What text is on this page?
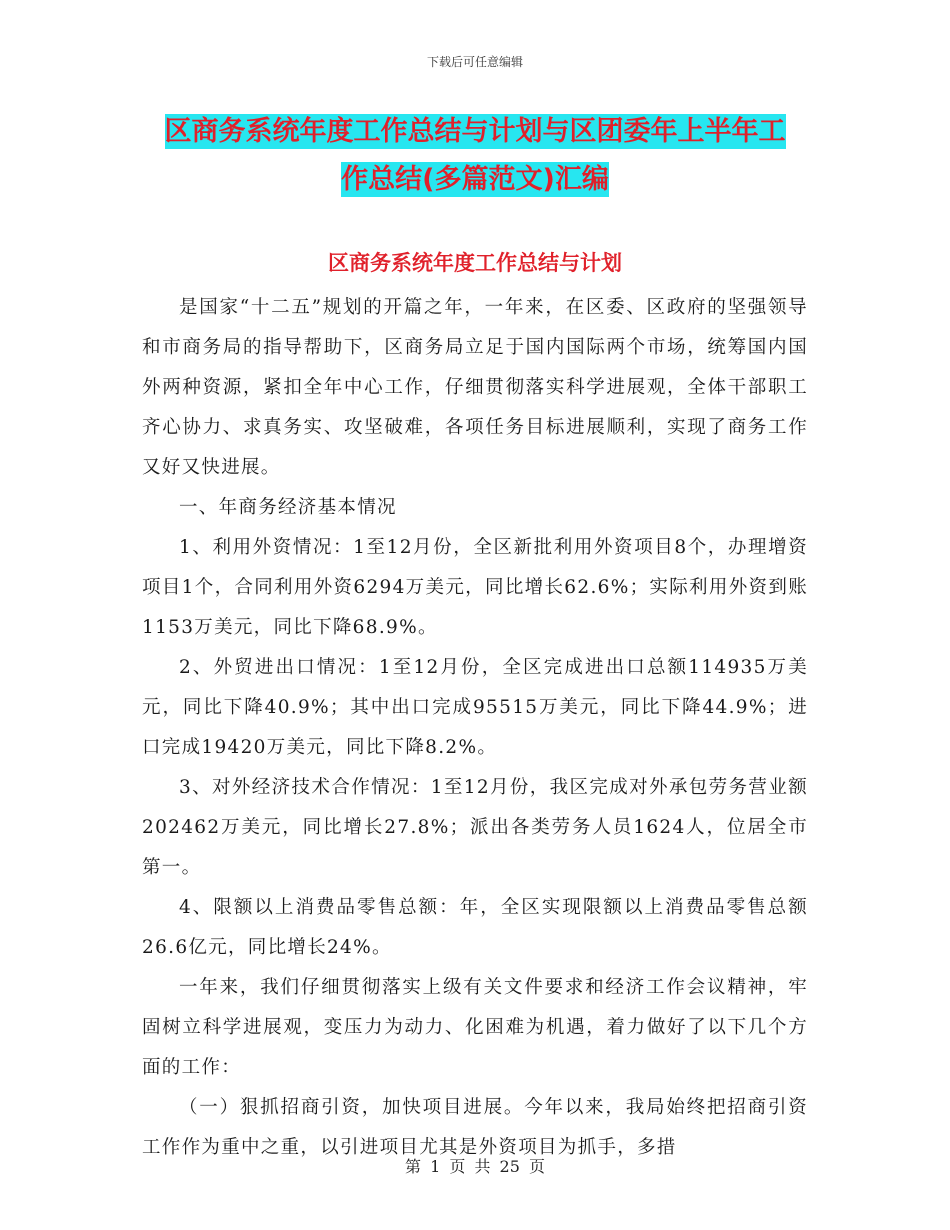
下载后可任意编辑
区商务系统年度工作总结与计划与区团委年上半年工
作总结(多篇范文)汇编
区商务系统年度工作总结与计划

是国家“十二五”规划的开篇之年，一年来，在区委、区政府的坚强领导和市商务局的指导帮助下，区商务局立足于国内国际两个市场，统筹国内国外两种资源，紧扣全年中心工作，仔细贯彻落实科学进展观，全体干部职工齐心协力、求真务实、攻坚破难，各项任务目标进展顺利，实现了商务工作又好又快进展。

一、年商务经济基本情况

1、利用外资情况：1至12月份，全区新批利用外资项目8个，办理增资项目1个，合同利用外资6294万美元，同比增长62.6%；实际利用外资到账1153万美元，同比下降68.9%。

2、外贸进出口情况：1至12月份，全区完成进出口总额114935万美元，同比下降40.9%；其中出口完成95515万美元，同比下降44.9%；进口完成19420万美元，同比下降8.2%。

3、对外经济技术合作情况：1至12月份，我区完成对外承包劳务营业额202462万美元，同比增长27.8%；派出各类劳务人员1624人，位居全市第一。

4、限额以上消费品零售总额：年，全区实现限额以上消费品零售总额26.6亿元，同比增长24%。

一年来，我们仔细贯彻落实上级有关文件要求和经济工作会议精神，牢固树立科学进展观，变压力为动力、化困难为机遇，着力做好了以下几个方面的工作：

（一）狠抓招商引资，加快项目进展。今年以来，我局始终把招商引资工作作为重中之重，以引进项目尤其是外资项目为抓手，多措

第 1 页 共 25 页
